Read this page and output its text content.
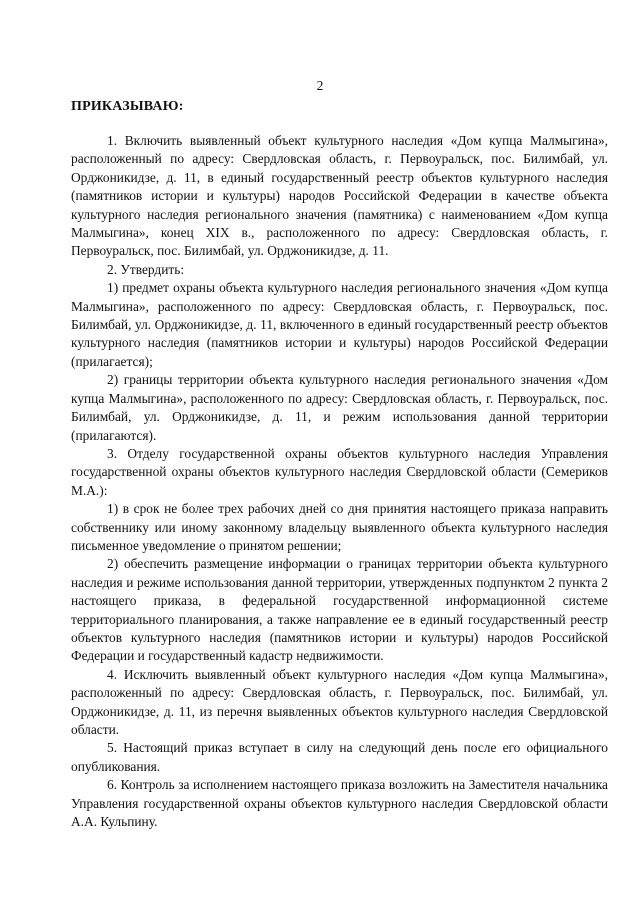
2
ПРИКАЗЫВАЮ:

1. Включить выявленный объект культурного наследия «Дом купца Малмыгина», расположенный по адресу: Свердловская область, г. Первоуральск, пос. Билимбай, ул. Орджоникидзе, д. 11, в единый государственный реестр объектов культурного наследия (памятников истории и культуры) народов Российской Федерации в качестве объекта культурного наследия регионального значения (памятника) с наименованием «Дом купца Малмыгина», конец XIX в., расположенного по адресу: Свердловская область, г. Первоуральск, пос. Билимбай, ул. Орджоникидзе, д. 11.

2. Утвердить:

1) предмет охраны объекта культурного наследия регионального значения «Дом купца Малмыгина», расположенного по адресу: Свердловская область, г. Первоуральск, пос. Билимбай, ул. Орджоникидзе, д. 11, включенного в единый государственный реестр объектов культурного наследия (памятников истории и культуры) народов Российской Федерации (прилагается);

2) границы территории объекта культурного наследия регионального значения «Дом купца Малмыгина», расположенного по адресу: Свердловская область, г. Первоуральск, пос. Билимбай, ул. Орджоникидзе, д. 11, и режим использования данной территории (прилагаются).

3. Отделу государственной охраны объектов культурного наследия Управления государственной охраны объектов культурного наследия Свердловской области (Семериков М.А.):

1) в срок не более трех рабочих дней со дня принятия настоящего приказа направить собственнику или иному законному владельцу выявленного объекта культурного наследия письменное уведомление о принятом решении;

2) обеспечить размещение информации о границах территории объекта культурного наследия и режиме использования данной территории, утвержденных подпунктом 2 пункта 2 настоящего приказа, в федеральной государственной информационной системе территориального планирования, а также направление ее в единый государственный реестр объектов культурного наследия (памятников истории и культуры) народов Российской Федерации и государственный кадастр недвижимости.

4. Исключить выявленный объект культурного наследия «Дом купца Малмыгина», расположенный по адресу: Свердловская область, г. Первоуральск, пос. Билимбай, ул. Орджоникидзе, д. 11, из перечня выявленных объектов культурного наследия Свердловской области.

5. Настоящий приказ вступает в силу на следующий день после его официального опубликования.

6. Контроль за исполнением настоящего приказа возложить на Заместителя начальника Управления государственной охраны объектов культурного наследия Свердловской области А.А. Кульпину.
